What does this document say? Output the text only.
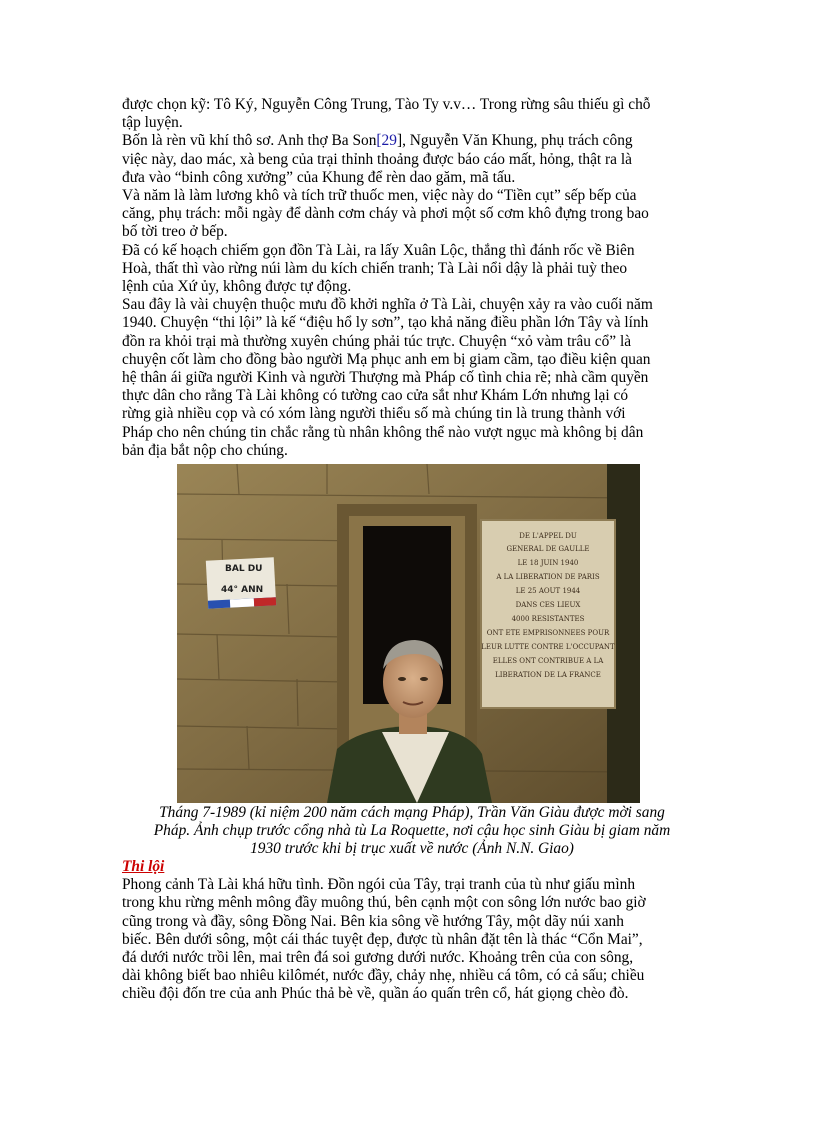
được chọn kỹ: Tô Ký, Nguyễn Công Trung, Tào Ty v.v… Trong rừng sâu thiếu gì chỗ
tập luyện.

Bốn là rèn vũ khí thô sơ. Anh thợ Ba Son[29], Nguyễn Văn Khung, phụ trách công
việc này, dao mác, xà beng của trại thỉnh thoảng được báo cáo mất, hỏng, thật ra là
đưa vào “binh công xưởng” của Khung để rèn dao găm, mã tấu.

Và năm là làm lương khô và tích trữ thuốc men, việc này do “Tiền cụt” sếp bếp của
căng, phụ trách: mỗi ngày để dành cơm cháy và phơi một số cơm khô đựng trong bao
bố tời treo ở bếp.

Đã có kế hoạch chiếm gọn đồn Tà Lài, ra lấy Xuân Lộc, thắng thì đánh rốc về Biên
Hoà, thất thì vào rừng núi làm du kích chiến tranh; Tà Lài nổi dậy là phải tuỳ theo
lệnh của Xứ ủy, không được tự động.

Sau đây là vài chuyện thuộc mưu đồ khởi nghĩa ở Tà Lài, chuyện xảy ra vào cuối năm
1940. Chuyện “thi lội” là kế “điệu hổ ly sơn”, tạo khả năng điều phần lớn Tây và lính
đồn ra khỏi trại mà thường xuyên chúng phải túc trực. Chuyện “xỏ vàm trâu cổ” là
chuyện cốt làm cho đồng bào người Mạ phục anh em bị giam cầm, tạo điều kiện quan
hệ thân ái giữa người Kinh và người Thượng mà Pháp cố tình chia rẽ; nhà cầm quyền
thực dân cho rằng Tà Lài không có tường cao cửa sắt như Khám Lớn nhưng lại có
rừng già nhiều cọp và có xóm làng người thiểu số mà chúng tin là trung thành với
Pháp cho nên chúng tin chắc rằng tù nhân không thể nào vượt ngục mà không bị dân
bản địa bắt nộp cho chúng.

BAL DU
44° ANN
DE L'APPEL DU
GENERAL DE GAULLE
LE 18 JUIN 1940
A LA LIBERATION DE PARIS
LE 25 AOUT 1944
DANS CES LIEUX
4000 RESISTANTES
ONT ETE EMPRISONNEES POUR
LEUR LUTTE CONTRE L'OCCUPANT
ELLES ONT CONTRIBUE A LA
LIBERATION DE LA FRANCE
Tháng 7-1989 (kỉ niệm 200 năm cách mạng Pháp), Trần Văn Giàu được mời sang
Pháp. Ảnh chụp trước cổng nhà tù La Roquette, nơi cậu học sinh Giàu bị giam năm
1930 trước khi bị trục xuất về nước (Ảnh N.N. Giao)
Thi lội

Phong cảnh Tà Lài khá hữu tình. Đồn ngói của Tây, trại tranh của tù như giấu mình
trong khu rừng mênh mông đầy muông thú, bên cạnh một con sông lớn nước bao giờ
cũng trong và đầy, sông Đồng Nai. Bên kia sông về hướng Tây, một dãy núi xanh
biếc. Bên dưới sông, một cái thác tuyệt đẹp, được tù nhân đặt tên là thác “Cổn Mai”,
đá dưới nước trồi lên, mai trên đá soi gương dưới nước. Khoảng trên của con sông,
dài không biết bao nhiêu kilômét, nước đầy, chảy nhẹ, nhiều cá tôm, có cả sấu; chiều
chiều đội đốn tre của anh Phúc thả bè về, quần áo quấn trên cổ, hát giọng chèo đò.
